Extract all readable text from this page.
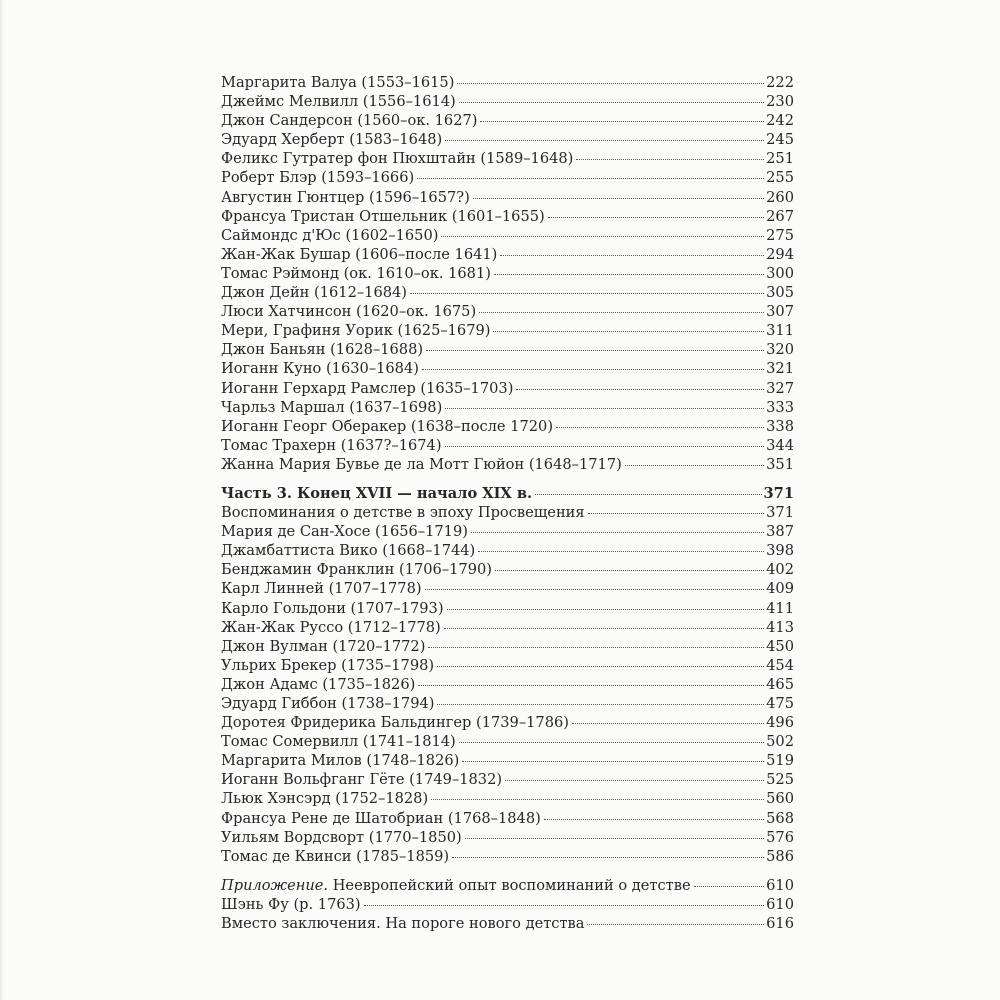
Маргарита Валуа (1553–1615)	222
Джеймс Мелвилл (1556–1614)	230
Джон Сандерсон (1560–ок. 1627)	242
Эдуард Херберт (1583–1648)	245
Феликс Гутратер фон Пюхштайн (1589–1648)	251
Роберт Блэр (1593–1666)	255
Августин Гюнтцер (1596–1657?)	260
Франсуа Тристан Отшельник (1601–1655)	267
Саймондс д'Юс (1602–1650)	275
Жан-Жак Бушар (1606–после 1641)	294
Томас Рэймонд (ок. 1610–ок. 1681)	300
Джон Дейн (1612–1684)	305
Люси Хатчинсон (1620–ок. 1675)	307
Мери, Графиня Уорик (1625–1679)	311
Джон Баньян (1628–1688)	320
Иоганн Куно (1630–1684)	321
Иоганн Герхард Рамслер (1635–1703)	327
Чарльз Маршал (1637–1698)	333
Иоганн Георг Оберакер (1638–после 1720)	338
Томас Трахерн (1637?–1674)	344
Жанна Мария Бувье де ла Мотт Гюйон (1648–1717)	351
Часть 3. Конец XVII — начало XIX в.	371
Воспоминания о детстве в эпоху Просвещения	371
Мария де Сан-Хосе (1656–1719)	387
Джамбаттиста Вико (1668–1744)	398
Бенджамин Франклин (1706–1790)	402
Карл Линней (1707–1778)	409
Карло Гольдони (1707–1793)	411
Жан-Жак Руссо (1712–1778)	413
Джон Вулман (1720–1772)	450
Ульрих Брекер (1735–1798)	454
Джон Адамс (1735–1826)	465
Эдуард Гиббон (1738–1794)	475
Доротея Фридерика Бальдингер (1739–1786)	496
Томас Сомервилл (1741–1814)	502
Маргарита Милов (1748–1826)	519
Иоганн Вольфганг Гёте (1749–1832)	525
Льюк Хэнсэрд (1752–1828)	560
Франсуа Рене де Шатобриан (1768–1848)	568
Уильям Вордсворт (1770–1850)	576
Томас де Квинси (1785–1859)	586
Приложение. Неевропейский опыт воспоминаний о детстве	610
Шэнь Фу (р. 1763)	610
Вместо заключения. На пороге нового детства	616
